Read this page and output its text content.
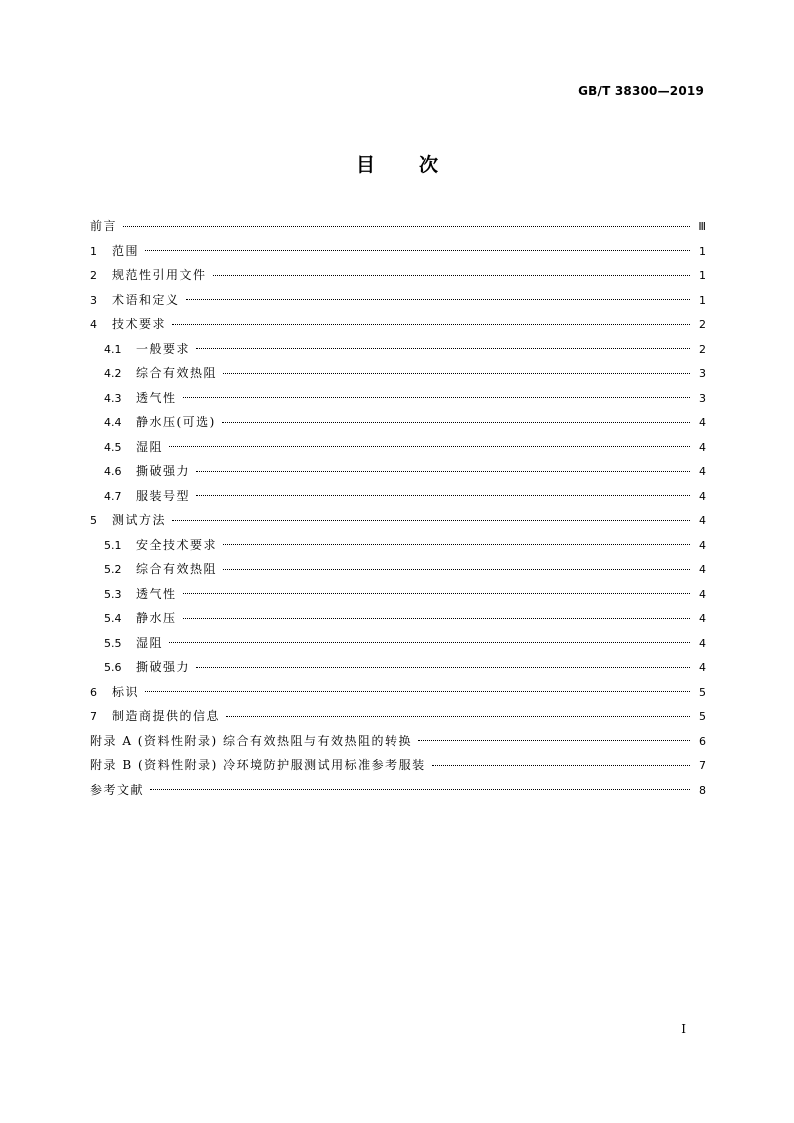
GB/T 38300—2019
目 次
前言	Ⅲ
1	范围	1
2	规范性引用文件	1
3	术语和定义	1
4	技术要求	2
4.1	一般要求	2
4.2	综合有效热阻	3
4.3	透气性	3
4.4	静水压(可选)	4
4.5	湿阻	4
4.6	撕破强力	4
4.7	服装号型	4
5	测试方法	4
5.1	安全技术要求	4
5.2	综合有效热阻	4
5.3	透气性	4
5.4	静水压	4
5.5	湿阻	4
5.6	撕破强力	4
6	标识	5
7	制造商提供的信息	5
附录 A (资料性附录) 综合有效热阻与有效热阻的转换	6
附录 B (资料性附录) 冷环境防护服测试用标准参考服装	7
参考文献	8
I
